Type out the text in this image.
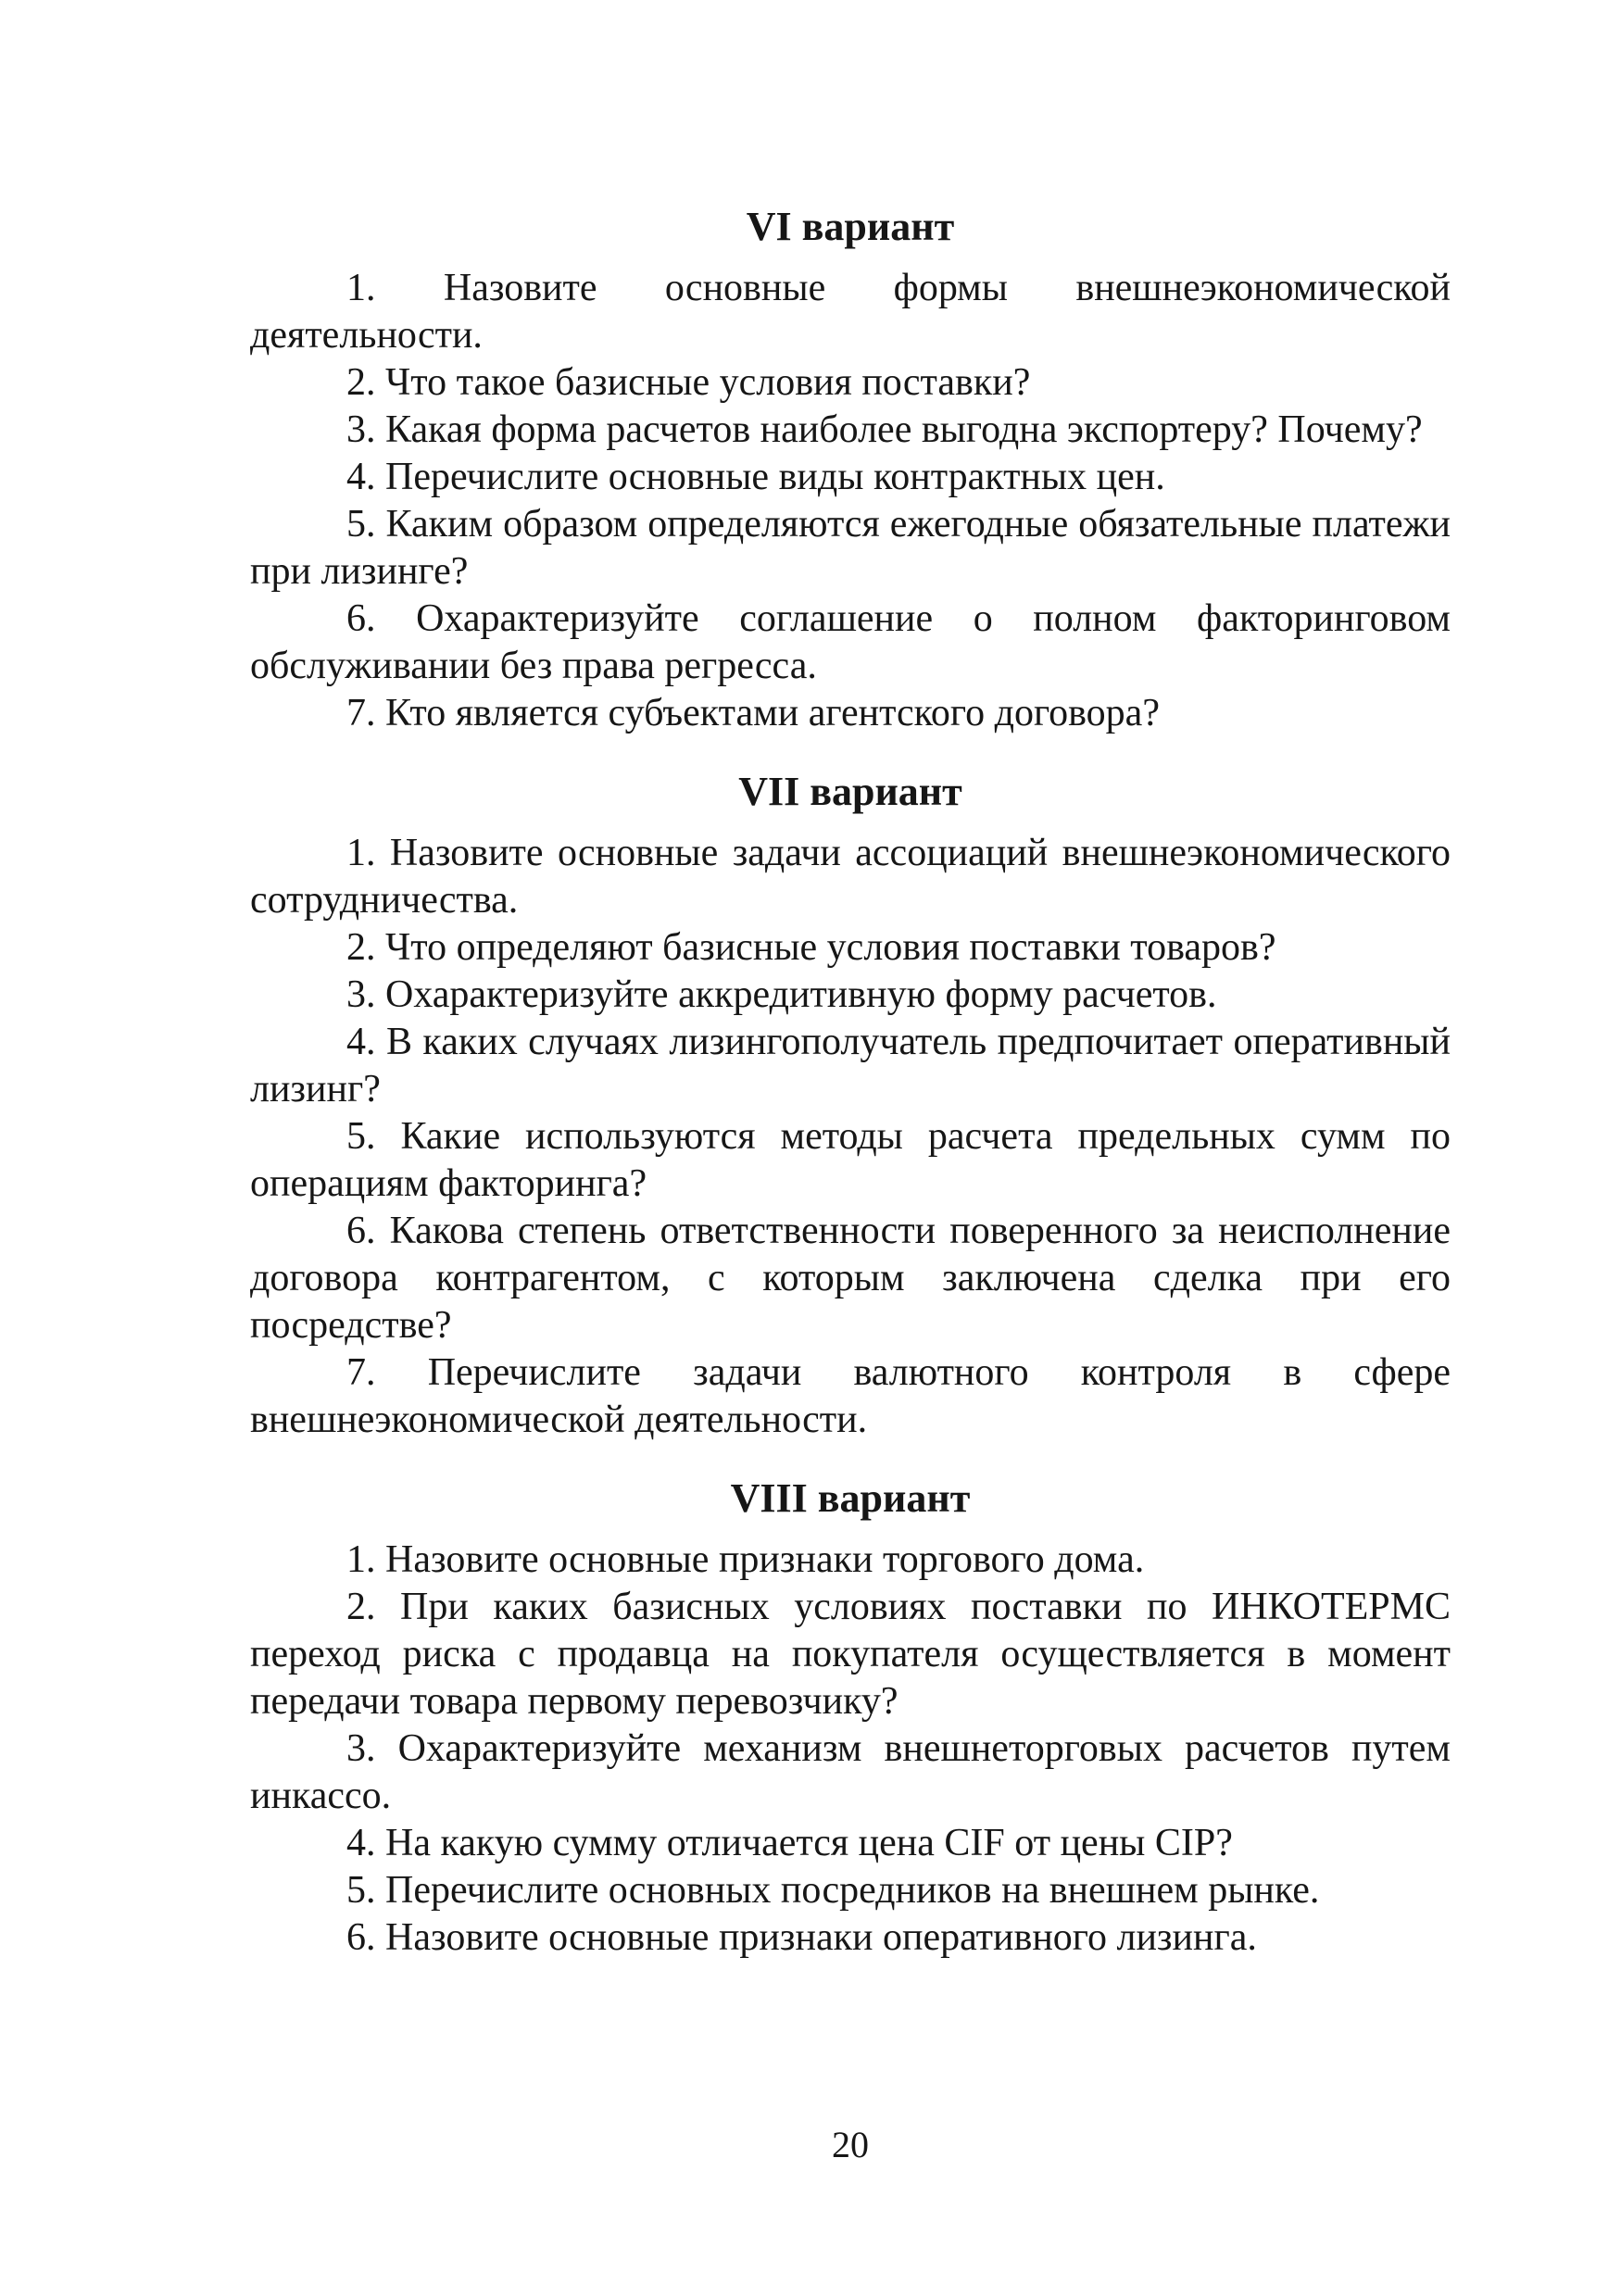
VI вариант

1. Назовите основные формы внешнеэкономической деятельности.

2. Что такое базисные условия поставки?

3. Какая форма расчетов наиболее выгодна экспортеру? Почему?

4. Перечислите основные виды контрактных цен.

5. Каким образом определяются ежегодные обязательные платежи при лизинге?

6. Охарактеризуйте соглашение о полном факторинговом обслуживании без права регресса.

7. Кто является субъектами агентского договора?

VII вариант

1. Назовите основные задачи ассоциаций внешнеэкономического сотрудничества.

2. Что определяют базисные условия поставки товаров?

3. Охарактеризуйте аккредитивную форму расчетов.

4. В каких случаях лизингополучатель предпочитает оперативный лизинг?

5. Какие используются методы расчета предельных сумм по операциям факторинга?

6. Какова степень ответственности поверенного за неисполнение договора контрагентом, с которым заключена сделка при его посредстве?

7. Перечислите задачи валютного контроля в сфере внешнеэкономической деятельности.

VIII вариант

1. Назовите основные признаки торгового дома.

2. При каких базисных условиях поставки по ИНКОТЕРМС переход риска с продавца на покупателя осуществляется в момент передачи товара первому перевозчику?

3. Охарактеризуйте механизм внешнеторговых расчетов путем инкассо.

4. На какую сумму отличается цена CIF от цены CIP?

5. Перечислите основных посредников на внешнем рынке.

6. Назовите основные признаки оперативного лизинга.

20
